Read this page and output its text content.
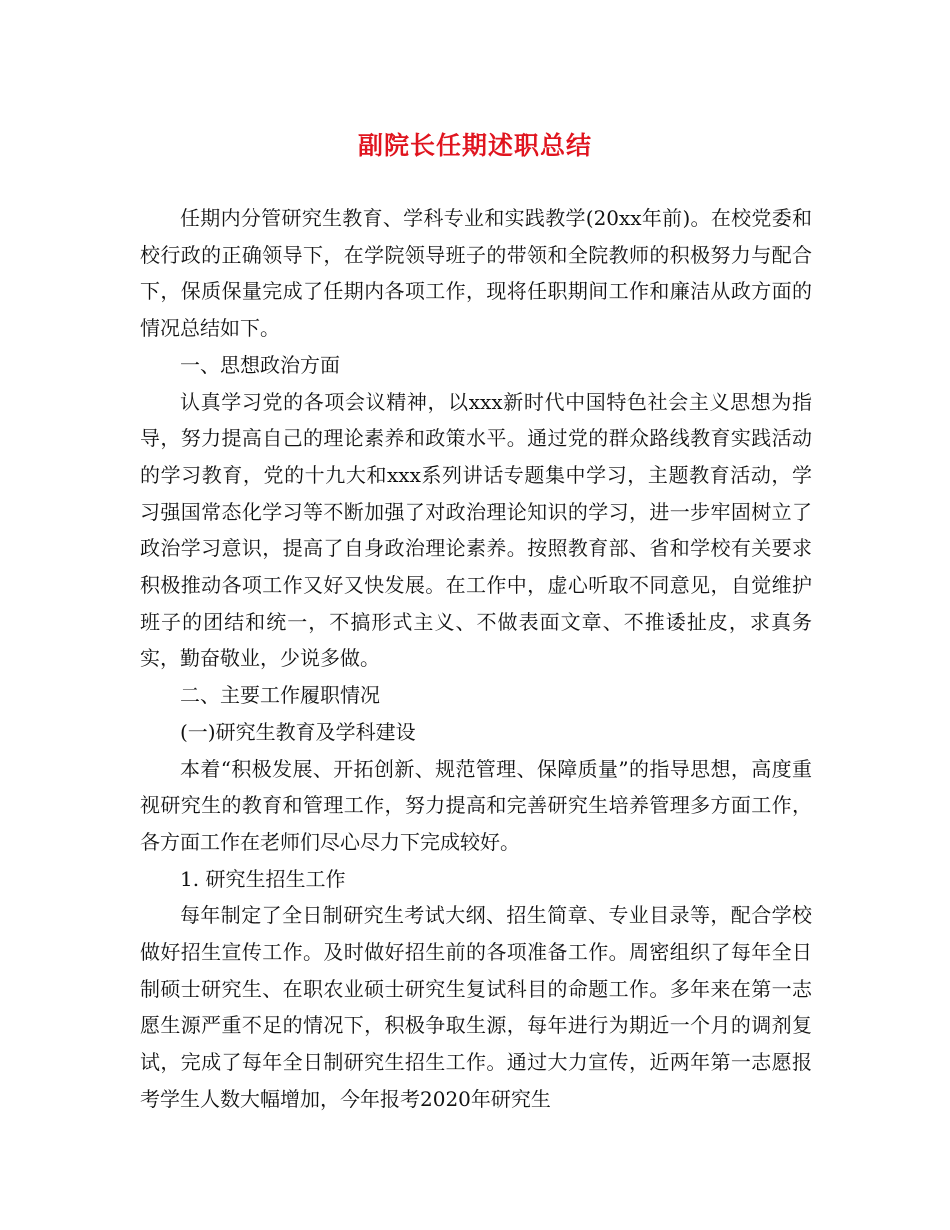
副院长任期述职总结

任期内分管研究生教育、学科专业和实践教学(20xx年前)。在校党委和校行政的正确领导下，在学院领导班子的带领和全院教师的积极努力与配合下，保质保量完成了任期内各项工作，现将任职期间工作和廉洁从政方面的情况总结如下。

一、思想政治方面

认真学习党的各项会议精神，以xxx新时代中国特色社会主义思想为指导，努力提高自己的理论素养和政策水平。通过党的群众路线教育实践活动的学习教育，党的十九大和xxx系列讲话专题集中学习，主题教育活动，学习强国常态化学习等不断加强了对政治理论知识的学习，进一步牢固树立了政治学习意识，提高了自身政治理论素养。按照教育部、省和学校有关要求积极推动各项工作又好又快发展。在工作中，虚心听取不同意见，自觉维护班子的团结和统一，不搞形式主义、不做表面文章、不推诿扯皮，求真务实，勤奋敬业，少说多做。

二、主要工作履职情况

(一)研究生教育及学科建设

本着“积极发展、开拓创新、规范管理、保障质量”的指导思想，高度重视研究生的教育和管理工作，努力提高和完善研究生培养管理多方面工作，各方面工作在老师们尽心尽力下完成较好。

1. 研究生招生工作

每年制定了全日制研究生考试大纲、招生简章、专业目录等，配合学校做好招生宣传工作。及时做好招生前的各项准备工作。周密组织了每年全日制硕士研究生、在职农业硕士研究生复试科目的命题工作。多年来在第一志愿生源严重不足的情况下，积极争取生源，每年进行为期近一个月的调剂复试，完成了每年全日制研究生招生工作。通过大力宣传，近两年第一志愿报考学生人数大幅增加，今年报考2020年研究生
